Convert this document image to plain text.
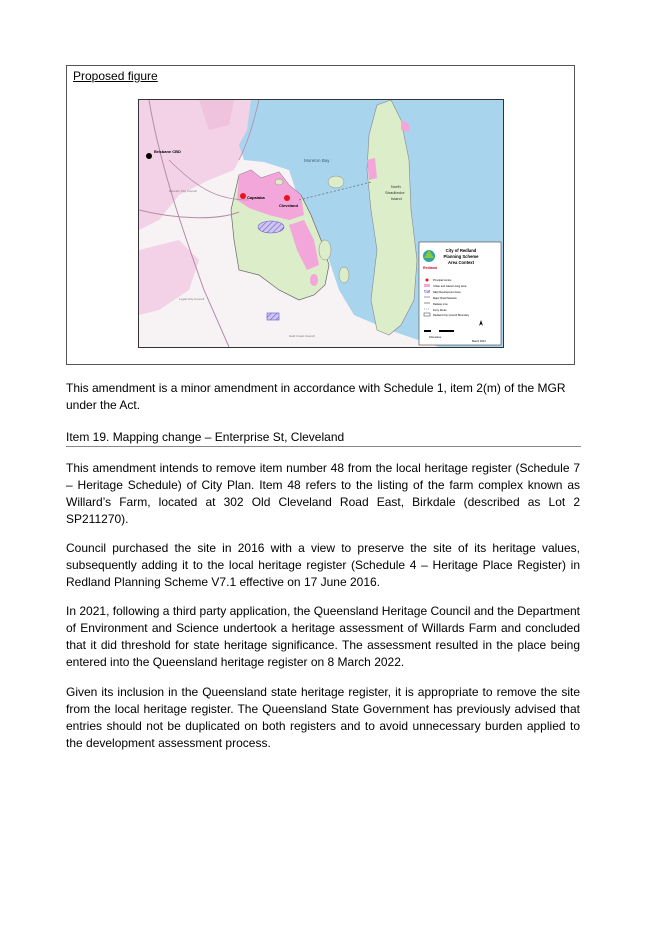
Proposed figure
Brisbane CBD
Capalaba
Cleveland
Moreton Bay
North
Stradbroke
Island
Moreton City Council
Logan City Council
Gold Coast Council
Redland
City of Redland
Planning Scheme
Area Context
Principal Centre
Urban and Island Living Area
SEQ Development Area
Major Road Network
Railway Line
Ferry Route
Redland City Council Boundary
Kilometres
March 2024
This amendment is a minor amendment in accordance with Schedule 1, item 2(m) of the MGR under the Act.
Item 19. Mapping change – Enterprise St, Cleveland
This amendment intends to remove item number 48 from the local heritage register (Schedule 7 – Heritage Schedule) of City Plan. Item 48 refers to the listing of the farm complex known as Willard’s Farm, located at 302 Old Cleveland Road East, Birkdale (described as Lot 2 SP211270).
Council purchased the site in 2016 with a view to preserve the site of its heritage values, subsequently adding it to the local heritage register (Schedule 4 – Heritage Place Register) in Redland Planning Scheme V7.1 effective on 17 June 2016.
In 2021, following a third party application, the Queensland Heritage Council and the Department of Environment and Science undertook a heritage assessment of Willards Farm and concluded that it did threshold for state heritage significance. The assessment resulted in the place being entered into the Queensland heritage register on 8 March 2022.
Given its inclusion in the Queensland state heritage register, it is appropriate to remove the site from the local heritage register. The Queensland State Government has previously advised that entries should not be duplicated on both registers and to avoid unnecessary burden applied to the development assessment process.
